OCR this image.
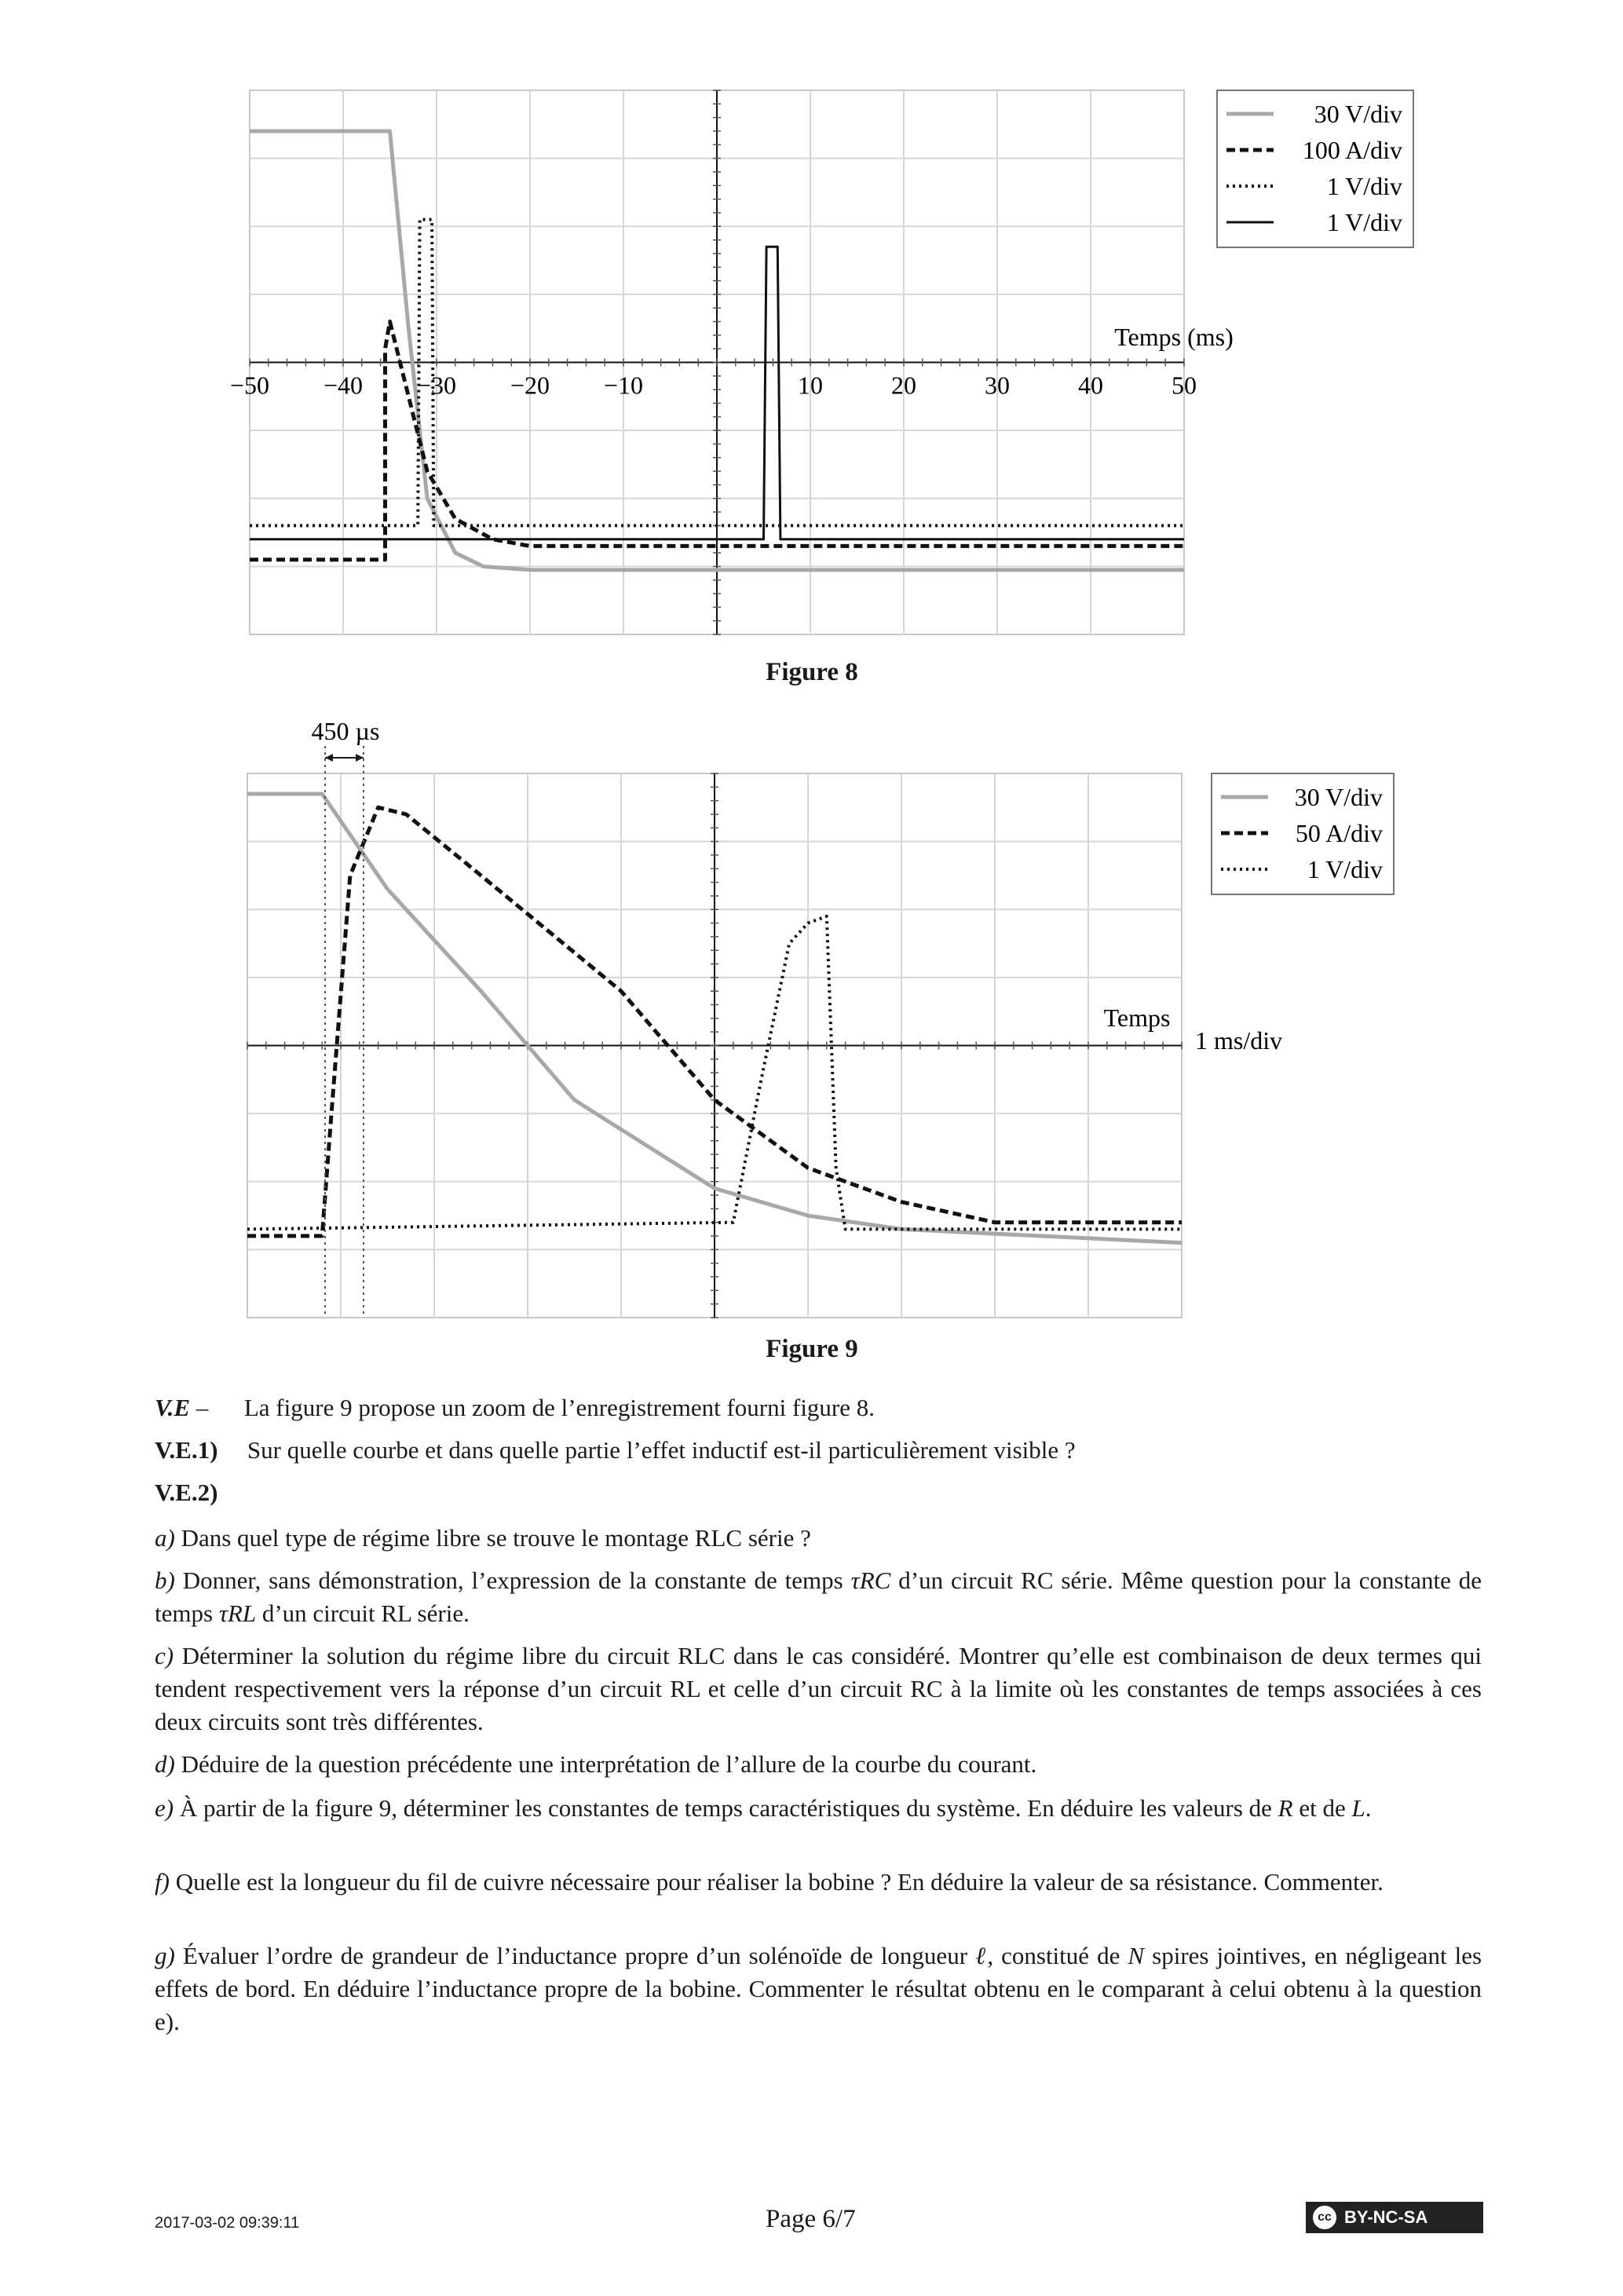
Temps (ms)
−50 −40 −30 −20 −10	10	20	30	40	50
30 V/div
100 A/div
1 V/div
1 V/div
Figure 8
450 µs
Temps
1 ms/div
30 V/div
50 A/div
1 V/div
Figure 9
V.E – La figure 9 propose un zoom de l’enregistrement fourni figure 8.
V.E.1) Sur quelle courbe et dans quelle partie l’effet inductif est-il particulièrement visible ?
V.E.2)
a) Dans quel type de régime libre se trouve le montage RLC série ?
b) Donner, sans démonstration, l’expression de la constante de temps τRC d’un circuit RC série. Même question pour la constante de temps τRL d’un circuit RL série.
c) Déterminer la solution du régime libre du circuit RLC dans le cas considéré. Montrer qu’elle est combinaison de deux termes qui tendent respectivement vers la réponse d’un circuit RL et celle d’un circuit RC à la limite où les constantes de temps associées à ces deux circuits sont très différentes.
d) Déduire de la question précédente une interprétation de l’allure de la courbe du courant.
e) À partir de la figure 9, déterminer les constantes de temps caractéristiques du système. En déduire les valeurs de R et de L.
f) Quelle est la longueur du fil de cuivre nécessaire pour réaliser la bobine ? En déduire la valeur de sa résistance. Commenter.
g) Évaluer l’ordre de grandeur de l’inductance propre d’un solénoïde de longueur ℓ, constitué de N spires jointives, en négligeant les effets de bord. En déduire l’inductance propre de la bobine. Commenter le résultat obtenu en le comparant à celui obtenu à la question e).
2017-03-02 09:39:11	Page 6/7	cc BY-NC-SA
